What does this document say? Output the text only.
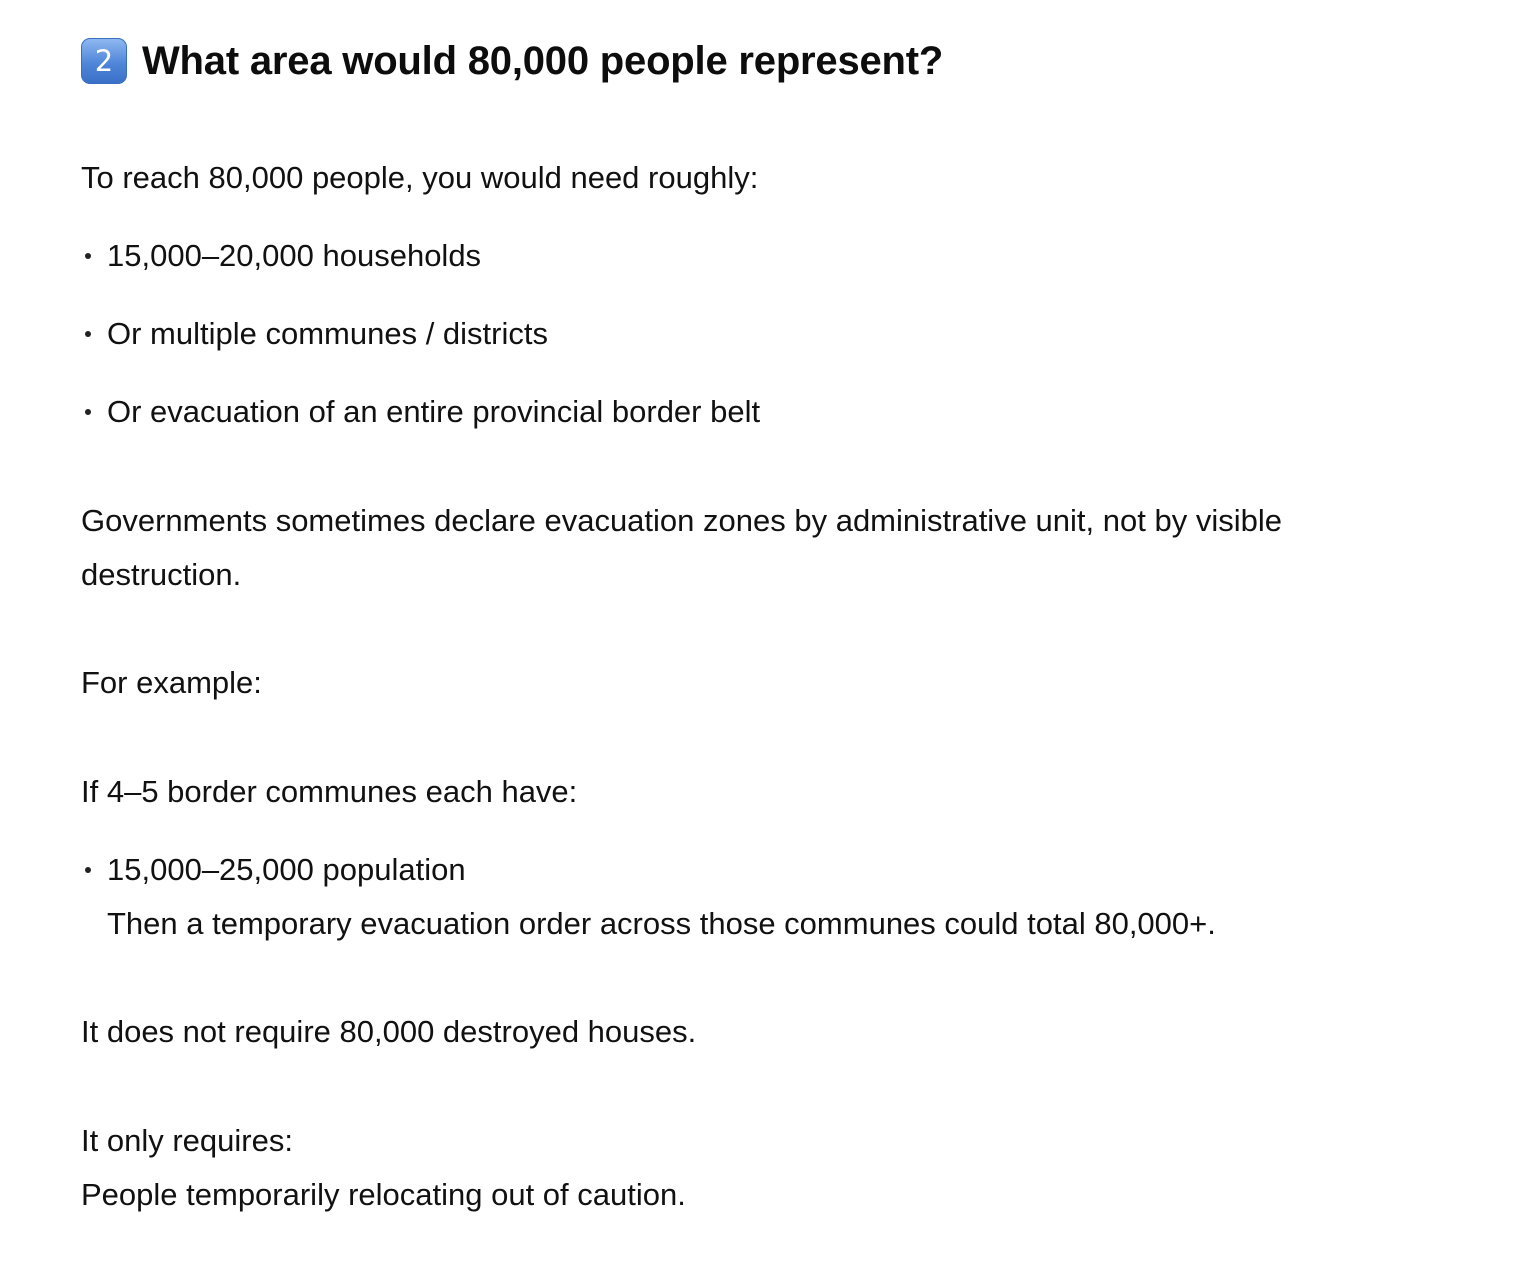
2 What area would 80,000 people represent?
To reach 80,000 people, you would need roughly:
15,000–20,000 households
Or multiple communes / districts
Or evacuation of an entire provincial border belt
Governments sometimes declare evacuation zones by administrative unit, not by visible
destruction.
For example:
If 4–5 border communes each have:
15,000–25,000 population
Then a temporary evacuation order across those communes could total 80,000+.
It does not require 80,000 destroyed houses.
It only requires:
People temporarily relocating out of caution.
